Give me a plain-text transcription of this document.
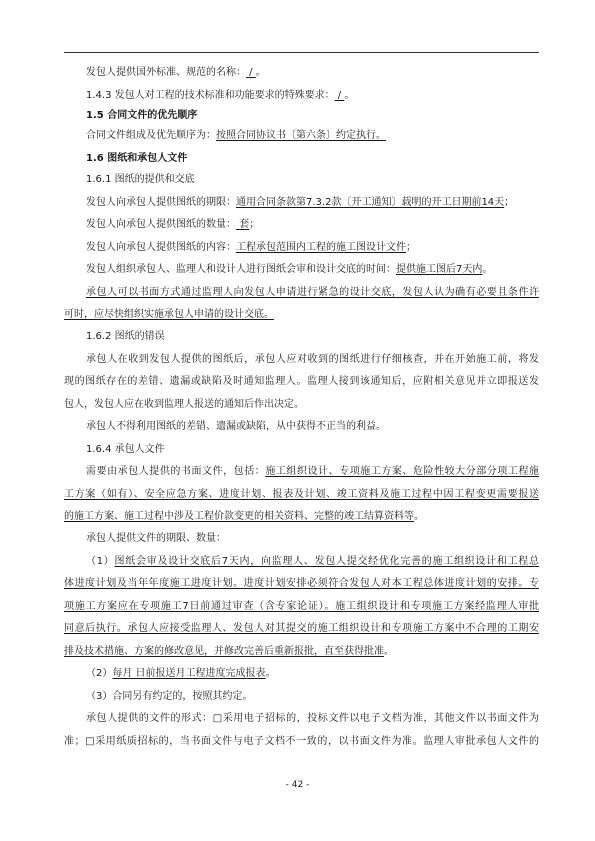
发包人提供国外标准、规范的名称： / 。
1.4.3 发包人对工程的技术标准和功能要求的特殊要求： / 。
1.5 合同文件的优先顺序
合同文件组成及优先顺序为：按照合同协议书〔第六条〕约定执行。
1.6 图纸和承包人文件
1.6.1 图纸的提供和交底
发包人向承包人提供图纸的期限：通用合同条款第7.3.2款〔开工通知〕载明的开工日期前14天；
发包人向承包人提供图纸的数量： 套；
发包人向承包人提供图纸的内容：工程承包范围内工程的施工图设计文件；
发包人组织承包人、监理人和设计人进行图纸会审和设计交底的时间：提供施工图后7天内。
承包人可以书面方式通过监理人向发包人申请进行紧急的设计交底，发包人认为确有必要且条件许
可时，应尽快组织实施承包人申请的设计交底。
1.6.2 图纸的错误
承包人在收到发包人提供的图纸后，承包人应对收到的图纸进行仔细核查，并在开始施工前，将发
现的图纸存在的差错、遗漏或缺陷及时通知监理人。监理人接到该通知后，应附相关意见并立即报送发
包人，发包人应在收到监理人报送的通知后作出决定。
承包人不得利用图纸的差错、遗漏或缺陷，从中获得不正当的利益。
1.6.4 承包人文件
需要由承包人提供的书面文件，包括：施工组织设计、专项施工方案、危险性较大分部分项工程施
工方案（如有）、安全应急方案、进度计划、报表及计划、竣工资料及施工过程中因工程变更需要报送
的施工方案、施工过程中涉及工程价款变更的相关资料、完整的竣工结算资料等。
承包人提供文件的期限、数量：
（1）图纸会审及设计交底后7天内，向监理人、发包人提交经优化完善的施工组织设计和工程总
体进度计划及当年年度施工进度计划。进度计划安排必须符合发包人对本工程总体进度计划的安排。专
项施工方案应在专项施工7日前通过审查（含专家论证）。施工组织设计和专项施工方案经监理人审批
同意后执行。承包人应接受监理人、发包人对其提交的施工组织设计和专项施工方案中不合理的工期安
排及技术措施、方案的修改意见，并修改完善后重新报批，直至获得批准。
（2）每月 日前报送月工程进度完成报表。
（3）合同另有约定的，按照其约定。
承包人提供的文件的形式：□采用电子招标的，投标文件以电子文档为准，其他文件以书面文件为
准；□采用纸质招标的，当书面文件与电子文档不一致的，以书面文件为准。监理人审批承包人文件的
- 42 -
